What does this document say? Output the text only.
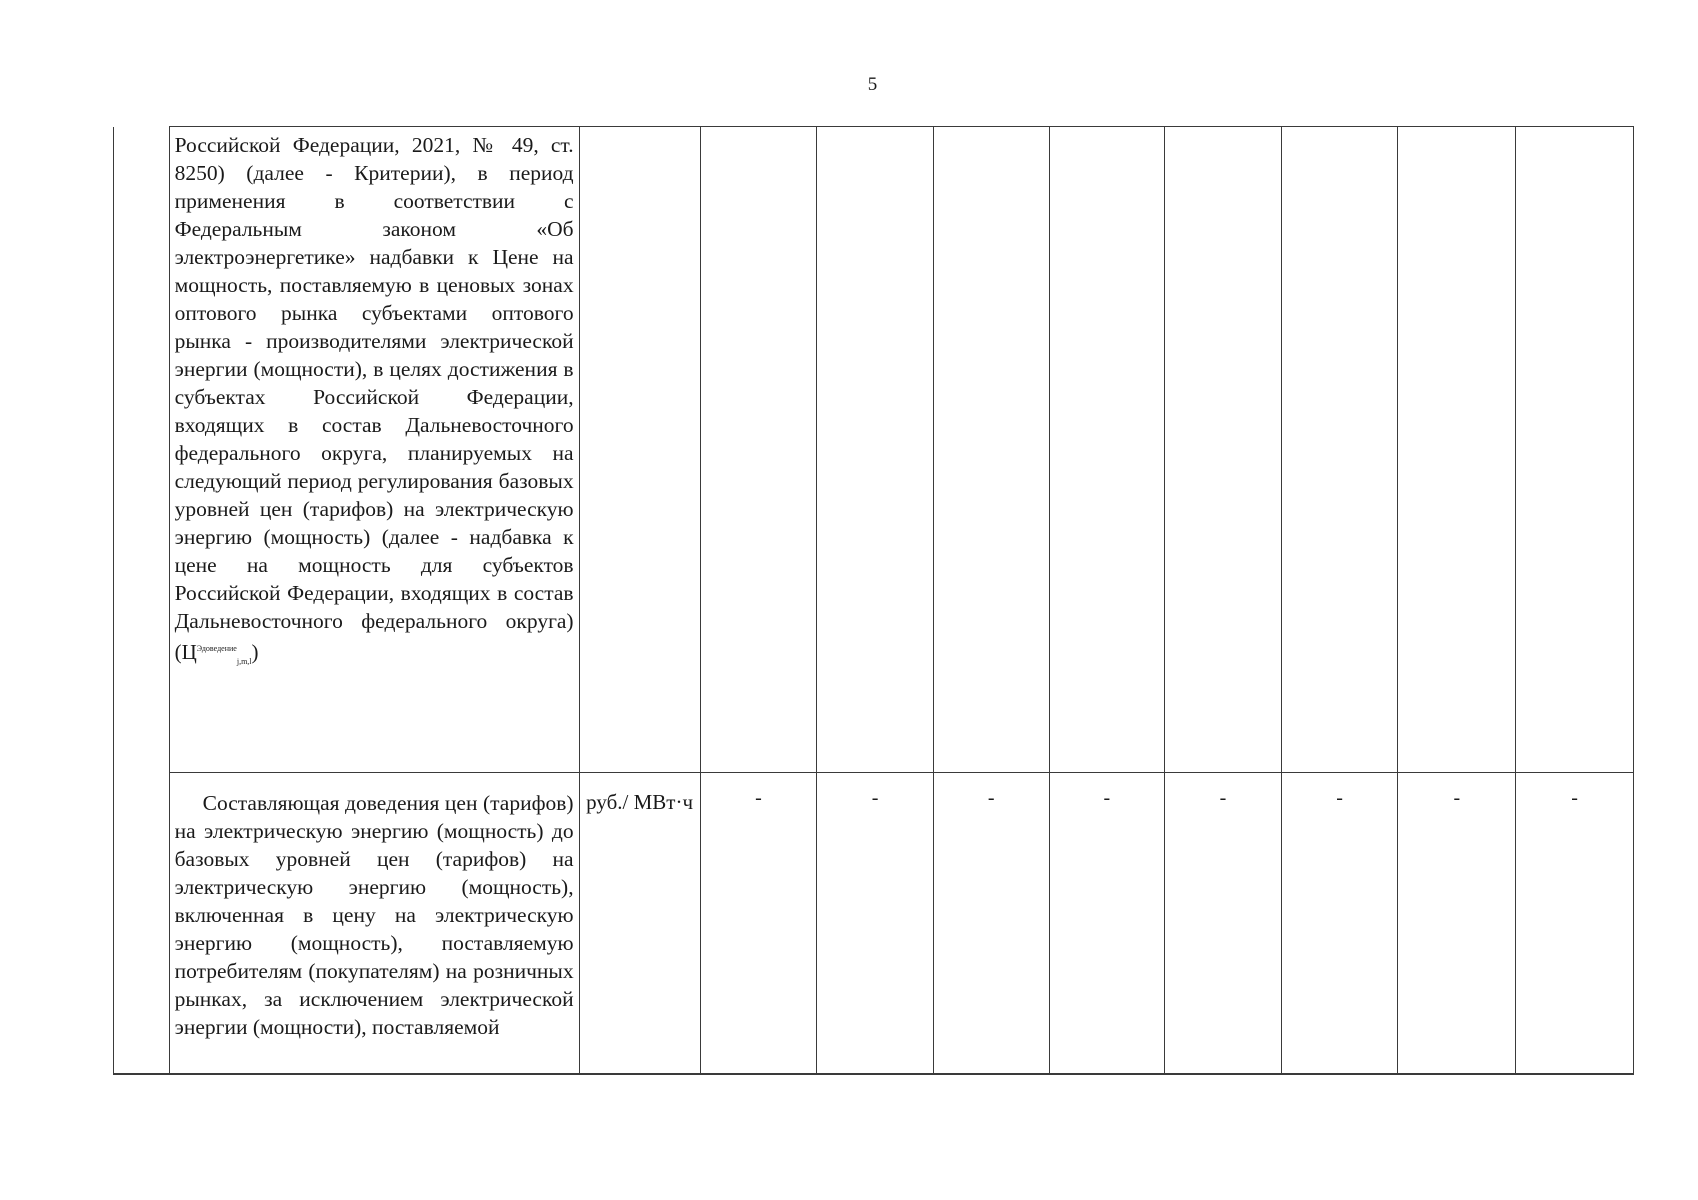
5

	Российской Федерации, 2021, № 49, ст. 8250) (далее - Критерии), в период применения в соответствии с Федеральным законом «Об электроэнергетике» надбавки к Цене на мощность, поставляемую в ценовых зонах оптового рынка субъектами оптового рынка - производителями электрической энергии (мощности), в целях достижения в субъектах Российской Федерации, входящих в состав Дальневосточного федерального округа, планируемых на следующий период регулирования базовых уровней цен (тарифов) на электрическую энергию (мощность) (далее - надбавка к цене на мощность для субъектов Российской Федерации, входящих в состав Дальневосточного федерального округа) $(Ц^{Эдоведение}_{j,m,l})$									

	Составляющая доведения цен (тарифов) на электрическую энергию (мощность) до базовых уровней цен (тарифов) на электрическую энергию (мощность), включенная в цену на электрическую энергию (мощность), поставляемую потребителям (покупателям) на розничных рынках, за исключением электрической энергии (мощности), поставляемой	руб./ МВт·ч	-	-	-	-	-	-	-	-
